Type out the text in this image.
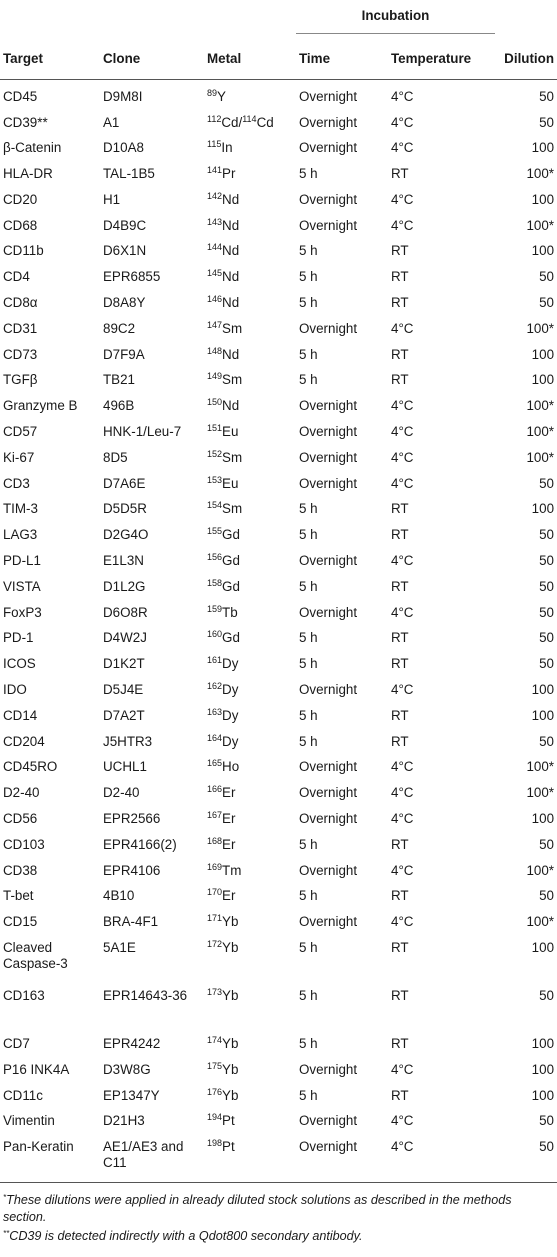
			Incubation		

Target	Clone	Metal	Time	Temperature	Dilution
CD45	D9M8I	$^{89}$Y	Overnight	4°C	50
CD39**	A1	$^{112}$Cd/$^{114}$Cd	Overnight	4°C	50
β-Catenin	D10A8	$^{115}$In	Overnight	4°C	100
HLA-DR	TAL-1B5	$^{141}$Pr	5 h	RT	100*
CD20	H1	$^{142}$Nd	Overnight	4°C	100
CD68	D4B9C	$^{143}$Nd	Overnight	4°C	100*
CD11b	D6X1N	$^{144}$Nd	5 h	RT	100
CD4	EPR6855	$^{145}$Nd	5 h	RT	50
CD8α	D8A8Y	$^{146}$Nd	5 h	RT	50
CD31	89C2	$^{147}$Sm	Overnight	4°C	100*
CD73	D7F9A	$^{148}$Nd	5 h	RT	100
TGFβ	TB21	$^{149}$Sm	5 h	RT	100
Granzyme B	496B	$^{150}$Nd	Overnight	4°C	100*
CD57	HNK-1/Leu-7	$^{151}$Eu	Overnight	4°C	100*
Ki-67	8D5	$^{152}$Sm	Overnight	4°C	100*
CD3	D7A6E	$^{153}$Eu	Overnight	4°C	50
TIM-3	D5D5R	$^{154}$Sm	5 h	RT	100
LAG3	D2G4O	$^{155}$Gd	5 h	RT	50
PD-L1	E1L3N	$^{156}$Gd	Overnight	4°C	50
VISTA	D1L2G	$^{158}$Gd	5 h	RT	50
FoxP3	D6O8R	$^{159}$Tb	Overnight	4°C	50
PD-1	D4W2J	$^{160}$Gd	5 h	RT	50
ICOS	D1K2T	$^{161}$Dy	5 h	RT	50
IDO	D5J4E	$^{162}$Dy	Overnight	4°C	100
CD14	D7A2T	$^{163}$Dy	5 h	RT	100
CD204	J5HTR3	$^{164}$Dy	5 h	RT	50
CD45RO	UCHL1	$^{165}$Ho	Overnight	4°C	100*
D2-40	D2-40	$^{166}$Er	Overnight	4°C	100*
CD56	EPR2566	$^{167}$Er	Overnight	4°C	100
CD103	EPR4166(2)	$^{168}$Er	5 h	RT	50
CD38	EPR4106	$^{169}$Tm	Overnight	4°C	100*
T-bet	4B10	$^{170}$Er	5 h	RT	50
CD15	BRA-4F1	$^{171}$Yb	Overnight	4°C	100*
Cleaved Caspase-3	5A1E	$^{172}$Yb	5 h	RT	100
CD163	EPR14643-36	$^{173}$Yb	5 h	RT	50
CD7	EPR4242	$^{174}$Yb	5 h	RT	100
P16 INK4A	D3W8G	$^{175}$Yb	Overnight	4°C	100
CD11c	EP1347Y	$^{176}$Yb	5 h	RT	100
Vimentin	D21H3	$^{194}$Pt	Overnight	4°C	50
Pan-Keratin	AE1/AE3 and C11	$^{198}$Pt	Overnight	4°C	50

*These dilutions were applied in already diluted stock solutions as described in the methods section.

**CD39 is detected indirectly with a Qdot800 secondary antibody.
